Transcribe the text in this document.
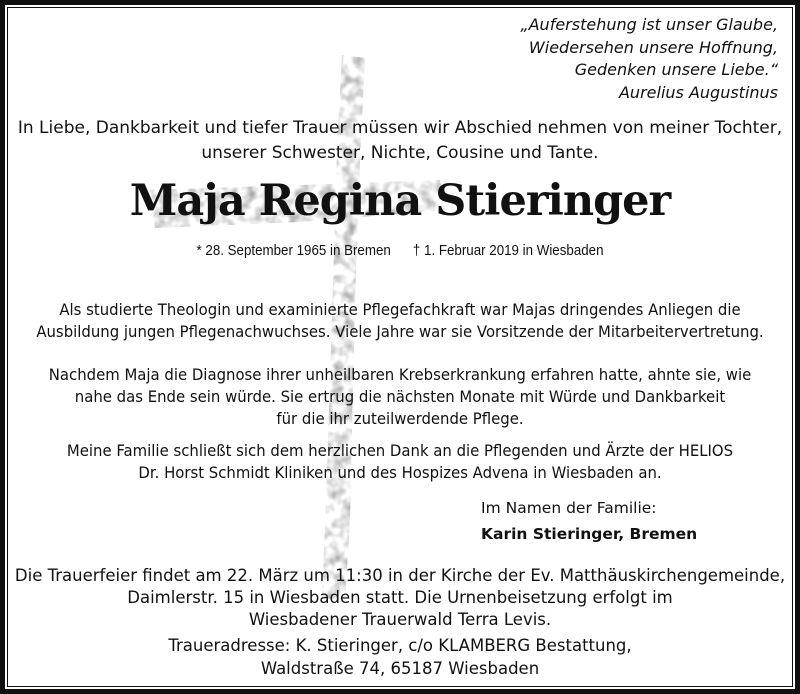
„Auferstehung ist unser Glaube,
Wiedersehen unsere Hoffnung,
Gedenken unsere Liebe.“
Aurelius Augustinus
In Liebe, Dankbarkeit und tiefer Trauer müssen wir Abschied nehmen von meiner Tochter,
unserer Schwester, Nichte, Cousine und Tante.
Maja Regina Stieringer
* 28. September 1965 in Bremen † 1. Februar 2019 in Wiesbaden
Als studierte Theologin und examinierte Pflegefachkraft war Majas dringendes Anliegen die
Ausbildung jungen Pflegenachwuchses. Viele Jahre war sie Vorsitzende der Mitarbeitervertretung.
Nachdem Maja die Diagnose ihrer unheilbaren Krebserkrankung erfahren hatte, ahnte sie, wie
nahe das Ende sein würde. Sie ertrug die nächsten Monate mit Würde und Dankbarkeit
für die ihr zuteilwerdende Pflege.
Meine Familie schließt sich dem herzlichen Dank an die Pflegenden und Ärzte der HELIOS
Dr. Horst Schmidt Kliniken und des Hospizes Advena in Wiesbaden an.
Im Namen der Familie:
Karin Stieringer, Bremen
Die Trauerfeier findet am 22. März um 11:30 in der Kirche der Ev. Matthäuskirchengemeinde,
Daimlerstr. 15 in Wiesbaden statt. Die Urnenbeisetzung erfolgt im
Wiesbadener Trauerwald Terra Levis.
Traueradresse: K. Stieringer, c/o KLAMBERG Bestattung,
Waldstraße 74, 65187 Wiesbaden
